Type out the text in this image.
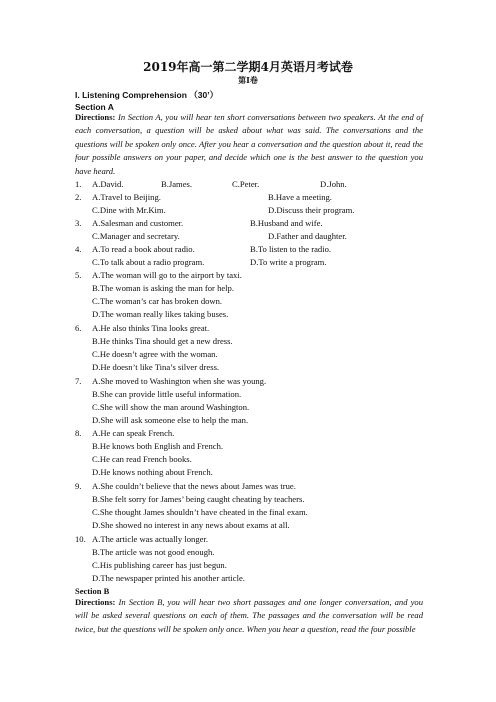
2019年高一第二学期4月英语月考试卷
第Ⅰ卷
I. Listening Comprehension （30’）
Section A
Directions: In Section A, you will hear ten short conversations between two speakers. At the end of each conversation, a question will be asked about what was said. The conversations and the questions will be spoken only once. After you hear a conversation and the question about it, read the four possible answers on your paper, and decide which one is the best answer to the question you have heard.
1. A.David.	B.James.	C.Peter.	D.John.
2. A.Travel to Beijing.	B.Have a meeting.
C.Dine with Mr.Kim.	D.Discuss their program.
3. A.Salesman and customer.	B.Husband and wife.
C.Manager and secretary.	D.Father and daughter.
4. A.To read a book about radio.	B.To listen to the radio.
C.To talk about a radio program.	D.To write a program.
5. A.The woman will go to the airport by taxi.
B.The woman is asking the man for help.
C.The woman’s car has broken down.
D.The woman really likes taking buses.
6. A.He also thinks Tina looks great.
B.He thinks Tina should get a new dress.
C.He doesn’t agree with the woman.
D.He doesn’t like Tina’s silver dress.
7. A.She moved to Washington when she was young.
B.She can provide little useful information.
C.She will show the man around Washington.
D.She will ask someone else to help the man.
8. A.He can speak French.
B.He knows both English and French.
C.He can read French books.
D.He knows nothing about French.
9. A.She couldn’t believe that the news about James was true.
B.She felt sorry for James’ being caught cheating by teachers.
C.She thought James shouldn’t have cheated in the final exam.
D.She showed no interest in any news about exams at all.
10. A.The article was actually longer.
B.The article was not good enough.
C.His publishing career has just begun.
D.The newspaper printed his another article.
Section B
Directions: In Section B, you will hear two short passages and one longer conversation, and you will be asked several questions on each of them. The passages and the conversation will be read twice, but the questions will be spoken only once. When you hear a question, read the four possible
